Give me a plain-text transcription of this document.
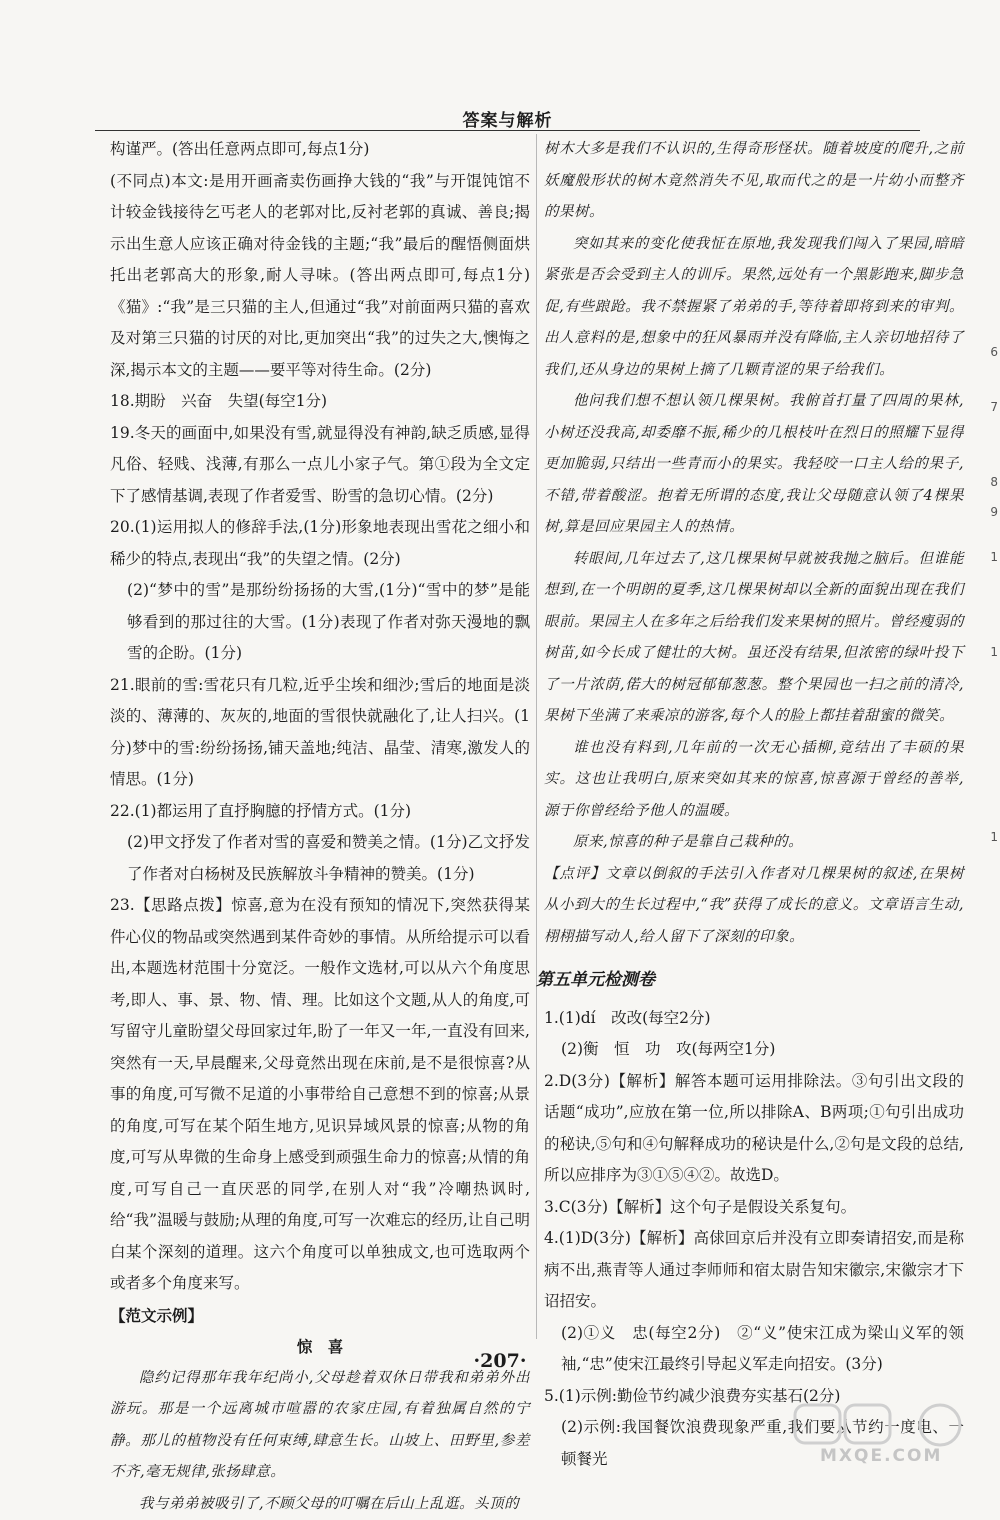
答案与解析
构谨严。(答出任意两点即可,每点1分)
(不同点)本文:是用开画斋卖伤画挣大钱的“我”与开馄饨馆不计较金钱接待乞丐老人的老郭对比,反衬老郭的真诚、善良;揭示出生意人应该正确对待金钱的主题;“我”最后的醒悟侧面烘托出老郭高大的形象,耐人寻味。(答出两点即可,每点1分)《猫》:“我”是三只猫的主人,但通过“我”对前面两只猫的喜欢及对第三只猫的讨厌的对比,更加突出“我”的过失之大,懊悔之深,揭示本文的主题——要平等对待生命。(2分)
18.期盼　兴奋　失望(每空1分)
19.冬天的画面中,如果没有雪,就显得没有神韵,缺乏质感,显得凡俗、轻贱、浅薄,有那么一点儿小家子气。第①段为全文定下了感情基调,表现了作者爱雪、盼雪的急切心情。(2分)
20.(1)运用拟人的修辞手法,(1分)形象地表现出雪花之细小和稀少的特点,表现出“我”的失望之情。(2分)
(2)“梦中的雪”是那纷纷扬扬的大雪,(1分)“雪中的梦”是能够看到的那过往的大雪。(1分)表现了作者对弥天漫地的飘雪的企盼。(1分)
21.眼前的雪:雪花只有几粒,近乎尘埃和细沙;雪后的地面是淡淡的、薄薄的、灰灰的,地面的雪很快就融化了,让人扫兴。(1分)梦中的雪:纷纷扬扬,铺天盖地;纯洁、晶莹、清寒,激发人的情思。(1分)
22.(1)都运用了直抒胸臆的抒情方式。(1分)
(2)甲文抒发了作者对雪的喜爱和赞美之情。(1分)乙文抒发了作者对白杨树及民族解放斗争精神的赞美。(1分)
23.【思路点拨】惊喜,意为在没有预知的情况下,突然获得某件心仪的物品或突然遇到某件奇妙的事情。从所给提示可以看出,本题选材范围十分宽泛。一般作文选材,可以从六个角度思考,即人、事、景、物、情、理。比如这个文题,从人的角度,可写留守儿童盼望父母回家过年,盼了一年又一年,一直没有回来,突然有一天,早晨醒来,父母竟然出现在床前,是不是很惊喜?从事的角度,可写微不足道的小事带给自己意想不到的惊喜;从景的角度,可写在某个陌生地方,见识异域风景的惊喜;从物的角度,可写从卑微的生命身上感受到顽强生命力的惊喜;从情的角度,可写自己一直厌恶的同学,在别人对“我”冷嘲热讽时,给“我”温暖与鼓励;从理的角度,可写一次难忘的经历,让自己明白某个深刻的道理。这六个角度可以单独成文,也可选取两个或者多个角度来写。
【范文示例】
惊　喜
隐约记得那年我年纪尚小,父母趁着双休日带我和弟弟外出游玩。那是一个远离城市喧嚣的农家庄园,有着独属自然的宁静。那儿的植物没有任何束缚,肆意生长。山坡上、田野里,参差不齐,毫无规律,张扬肆意。
我与弟弟被吸引了,不顾父母的叮嘱在后山上乱逛。头顶的
树木大多是我们不认识的,生得奇形怪状。随着坡度的爬升,之前妖魔般形状的树木竟然消失不见,取而代之的是一片幼小而整齐的果树。
突如其来的变化使我怔在原地,我发现我们闯入了果园,暗暗紧张是否会受到主人的训斥。果然,远处有一个黑影跑来,脚步急促,有些踉跄。我不禁握紧了弟弟的手,等待着即将到来的审判。出人意料的是,想象中的狂风暴雨并没有降临,主人亲切地招待了我们,还从身边的果树上摘了几颗青涩的果子给我们。
他问我们想不想认领几棵果树。我俯首打量了四周的果林,小树还没我高,却委靡不振,稀少的几根枝叶在烈日的照耀下显得更加脆弱,只结出一些青而小的果实。我轻咬一口主人给的果子,不错,带着酸涩。抱着无所谓的态度,我让父母随意认领了4棵果树,算是回应果园主人的热情。
转眼间,几年过去了,这几棵果树早就被我抛之脑后。但谁能想到,在一个明朗的夏季,这几棵果树却以全新的面貌出现在我们眼前。果园主人在多年之后给我们发来果树的照片。曾经瘦弱的树苗,如今长成了健壮的大树。虽还没有结果,但浓密的绿叶投下了一片浓荫,偌大的树冠郁郁葱葱。整个果园也一扫之前的清冷,果树下坐满了来乘凉的游客,每个人的脸上都挂着甜蜜的微笑。
谁也没有料到,几年前的一次无心插柳,竟结出了丰硕的果实。这也让我明白,原来突如其来的惊喜,惊喜源于曾经的善举,源于你曾经给予他人的温暖。
原来,惊喜的种子是靠自己栽种的。
【点评】文章以倒叙的手法引入作者对几棵果树的叙述,在果树从小到大的生长过程中,“我”获得了成长的意义。文章语言生动,栩栩描写动人,给人留下了深刻的印象。
第五单元检测卷
1.(1)dí　改改(每空2分)
(2)衡　恒　功　攻(每两空1分)
2.D(3分)【解析】解答本题可运用排除法。③句引出文段的话题“成功”,应放在第一位,所以排除A、B两项;①句引出成功的秘诀,⑤句和④句解释成功的秘诀是什么,②句是文段的总结,所以应排序为③①⑤④②。故选D。
3.C(3分)【解析】这个句子是假设关系复句。
4.(1)D(3分)【解析】高俅回京后并没有立即奏请招安,而是称病不出,燕青等人通过李师师和宿太尉告知宋徽宗,宋徽宗才下诏招安。
(2)①义　忠(每空2分)　②“义”使宋江成为梁山义军的领袖,“忠”使宋江最终引导起义军走向招安。(3分)
5.(1)示例:勤俭节约减少浪费夯实基石(2分)
(2)示例:我国餐饮浪费现象严重,我们要从节约一度电、一顿餐光
·207·
MXQE.COM
6
7
8
9
1
1
1
